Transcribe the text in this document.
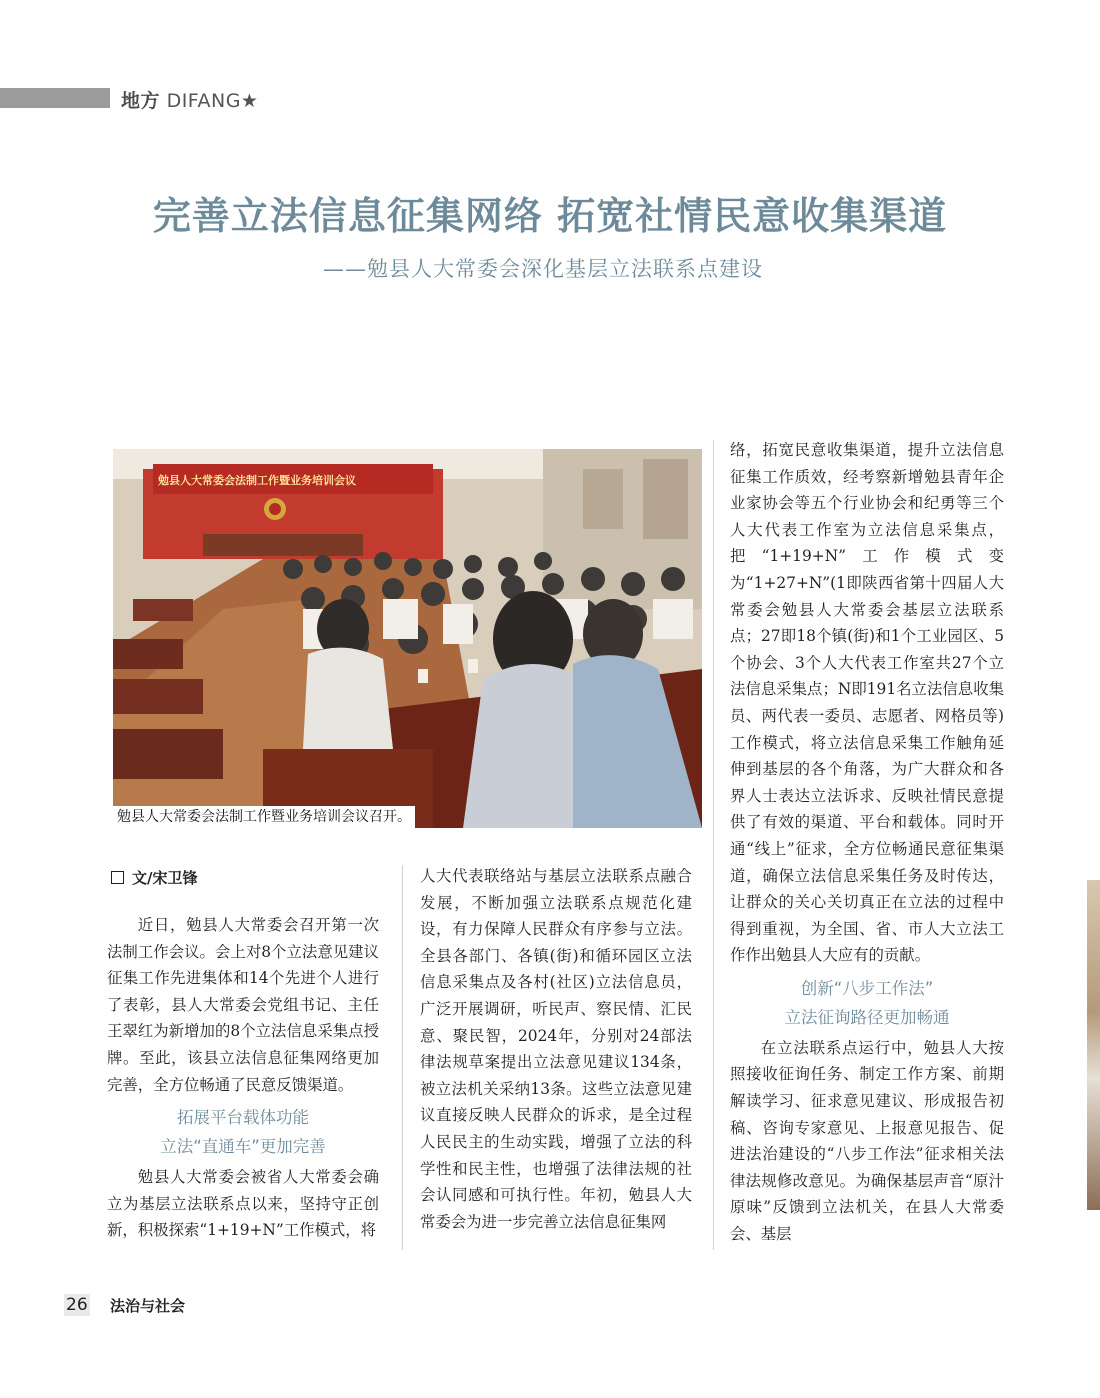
地方 DIFANG★
完善立法信息征集网络 拓宽社情民意收集渠道
——勉县人大常委会深化基层立法联系点建设
勉县人大常委会法制工作暨业务培训会议
勉县人大常委会法制工作暨业务培训会议召开。
文/宋卫锋

近日，勉县人大常委会召开第一次法制工作会议。会上对8个立法意见建议征集工作先进集体和14个先进个人进行了表彰，县人大常委会党组书记、主任王翠红为新增加的8个立法信息采集点授牌。至此，该县立法信息征集网络更加完善，全方位畅通了民意反馈渠道。

拓展平台载体功能
立法“直通车”更加完善

勉县人大常委会被省人大常委会确立为基层立法联系点以来，坚持守正创新，积极探索“1+19+N”工作模式，将

人大代表联络站与基层立法联系点融合发展，不断加强立法联系点规范化建设，有力保障人民群众有序参与立法。全县各部门、各镇(街)和循环园区立法信息采集点及各村(社区)立法信息员，广泛开展调研，听民声、察民情、汇民意、聚民智，2024年，分别对24部法律法规草案提出立法意见建议134条，被立法机关采纳13条。这些立法意见建议直接反映人民群众的诉求，是全过程人民民主的生动实践，增强了立法的科学性和民主性，也增强了法律法规的社会认同感和可执行性。年初，勉县人大常委会为进一步完善立法信息征集网

络，拓宽民意收集渠道，提升立法信息征集工作质效，经考察新增勉县青年企业家协会等五个行业协会和纪勇等三个人大代表工作室为立法信息采集点，把“1+19+N”工作模式变为“1+27+N”(1即陕西省第十四届人大常委会勉县人大常委会基层立法联系点；27即18个镇(街)和1个工业园区、5个协会、3个人大代表工作室共27个立法信息采集点；N即191名立法信息收集员、两代表一委员、志愿者、网格员等)工作模式，将立法信息采集工作触角延伸到基层的各个角落，为广大群众和各界人士表达立法诉求、反映社情民意提供了有效的渠道、平台和载体。同时开通“线上”征求，全方位畅通民意征集渠道，确保立法信息采集任务及时传达，让群众的关心关切真正在立法的过程中得到重视，为全国、省、市人大立法工作作出勉县人大应有的贡献。

创新“八步工作法”
立法征询路径更加畅通

在立法联系点运行中，勉县人大按照接收征询任务、制定工作方案、前期解读学习、征求意见建议、形成报告初稿、咨询专家意见、上报意见报告、促进法治建设的“八步工作法”征求相关法律法规修改意见。为确保基层声音“原汁原味”反馈到立法机关，在县人大常委会、基层

26 法治与社会
